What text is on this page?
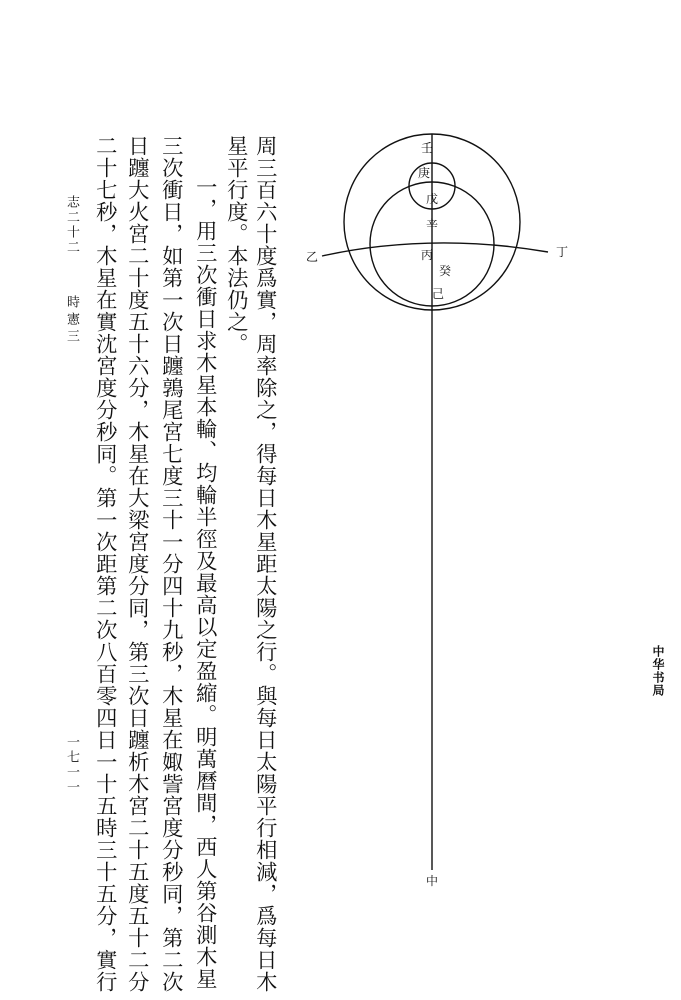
壬
庚
戊
辛
丙
癸
己
乙	丁
中
周三百六十度爲實，周率除之，得每日木星距太陽之行。與每日太陽平行相減，爲每日木
星平行度。本法仍之。
一，用三次衝日求木星本輪、均輪半徑及最高以定盈縮。明萬曆間，西人第谷測木星
三次衝日，如第一次日躔鶉尾宮七度三十一分四十九秒，木星在娵訾宮度分秒同，第二次
日躔大火宮二十度五十六分，木星在大梁宮度分同，第三次日躔析木宮二十五度五十二分
二十七秒，木星在實沈宮度分秒同。第一次距第二次八百零四日一十五時三十五分，實行
志二十二
時憲三
一七一一
中华书局
